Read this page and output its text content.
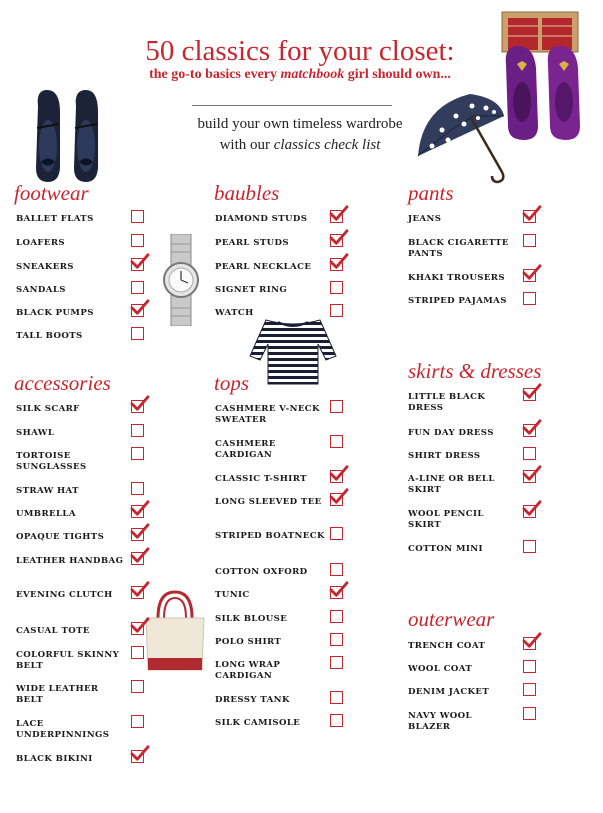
50 classics for your closet:
the go-to basics every matchbook girl should own...
build your own timeless wardrobe
with our classics check list
footwear	baubles	pants
accessories	tops	skirts & dresses
outerwear
BALLET FLATS
LOAFERS
SNEAKERS
SANDALS
BLACK PUMPS
TALL BOOTS
DIAMOND STUDS
PEARL STUDS
PEARL NECKLACE
SIGNET RING
WATCH
JEANS
BLACK CIGARETTE PANTS
KHAKI TROUSERS
STRIPED PAJAMAS
SILK SCARF
SHAWL
TORTOISE SUNGLASSES
STRAW HAT
UMBRELLA
OPAQUE TIGHTS
LEATHER HANDBAG
EVENING CLUTCH
CASUAL TOTE
COLORFUL SKINNY BELT
WIDE LEATHER BELT
LACE UNDERPINNINGS
BLACK BIKINI
CASHMERE V-NECK SWEATER
CASHMERE CARDIGAN
CLASSIC T-SHIRT
LONG SLEEVED TEE
STRIPED BOATNECK
COTTON OXFORD
TUNIC
SILK BLOUSE
POLO SHIRT
LONG WRAP CARDIGAN
DRESSY TANK
SILK CAMISOLE
LITTLE BLACK DRESS
FUN DAY DRESS
SHIRT DRESS
A-LINE OR BELL SKIRT
WOOL PENCIL SKIRT
COTTON MINI
TRENCH COAT
WOOL COAT
DENIM JACKET
NAVY WOOL BLAZER
